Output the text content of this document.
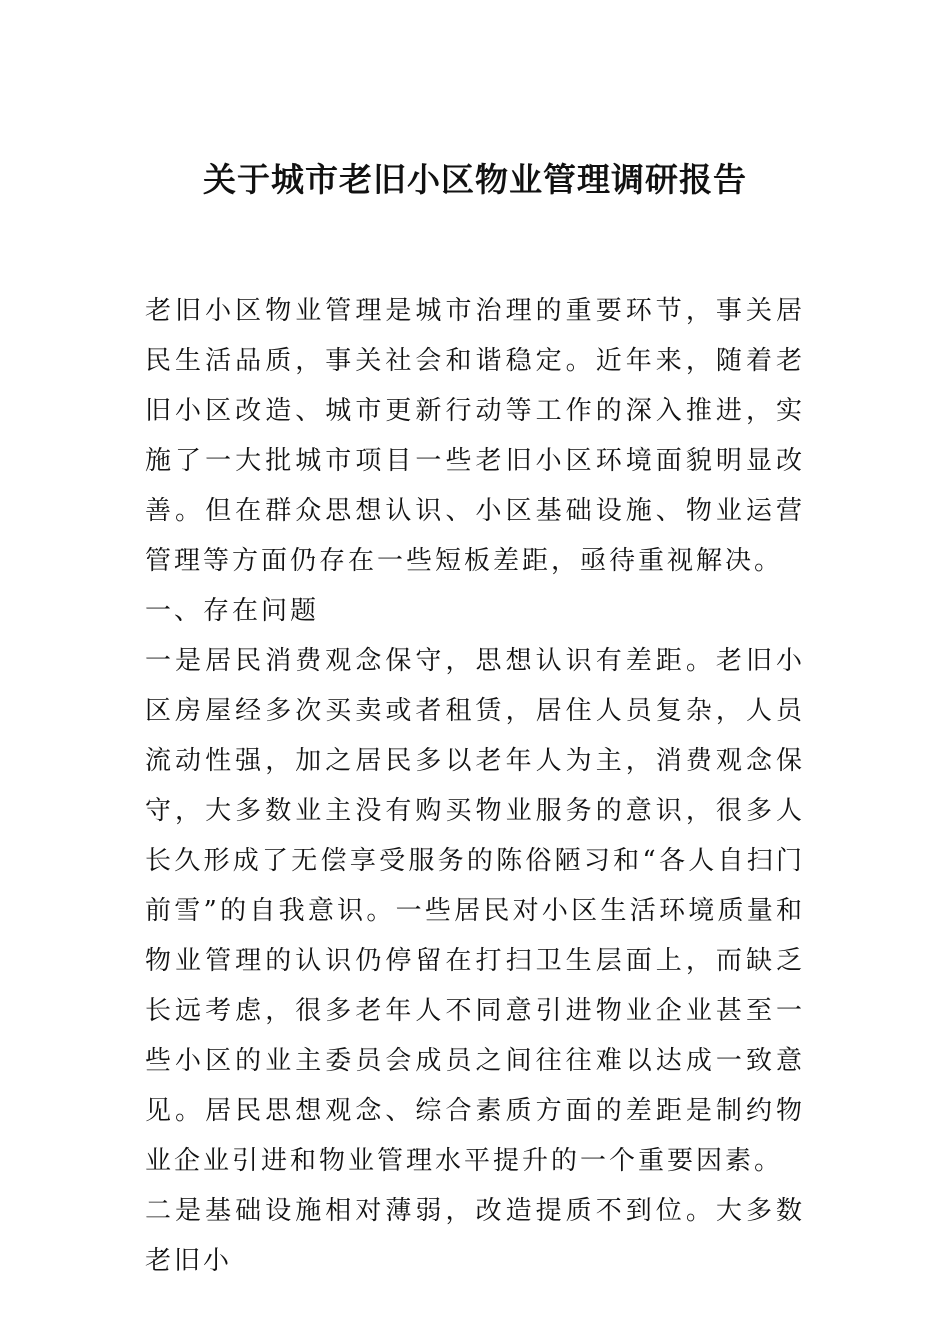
关于城市老旧小区物业管理调研报告

老旧小区物业管理是城市治理的重要环节，事关居民生活品质，事关社会和谐稳定。近年来，随着老旧小区改造、城市更新行动等工作的深入推进，实施了一大批城市项目一些老旧小区环境面貌明显改善。但在群众思想认识、小区基础设施、物业运营管理等方面仍存在一些短板差距，亟待重视解决。

一、存在问题

一是居民消费观念保守，思想认识有差距。老旧小区房屋经多次买卖或者租赁，居住人员复杂，人员流动性强，加之居民多以老年人为主，消费观念保守，大多数业主没有购买物业服务的意识，很多人长久形成了无偿享受服务的陈俗陋习和“各人自扫门前雪”的自我意识。一些居民对小区生活环境质量和物业管理的认识仍停留在打扫卫生层面上，而缺乏长远考虑，很多老年人不同意引进物业企业甚至一些小区的业主委员会成员之间往往难以达成一致意见。居民思想观念、综合素质方面的差距是制约物业企业引进和物业管理水平提升的一个重要因素。

二是基础设施相对薄弱，改造提质不到位。大多数老旧小
